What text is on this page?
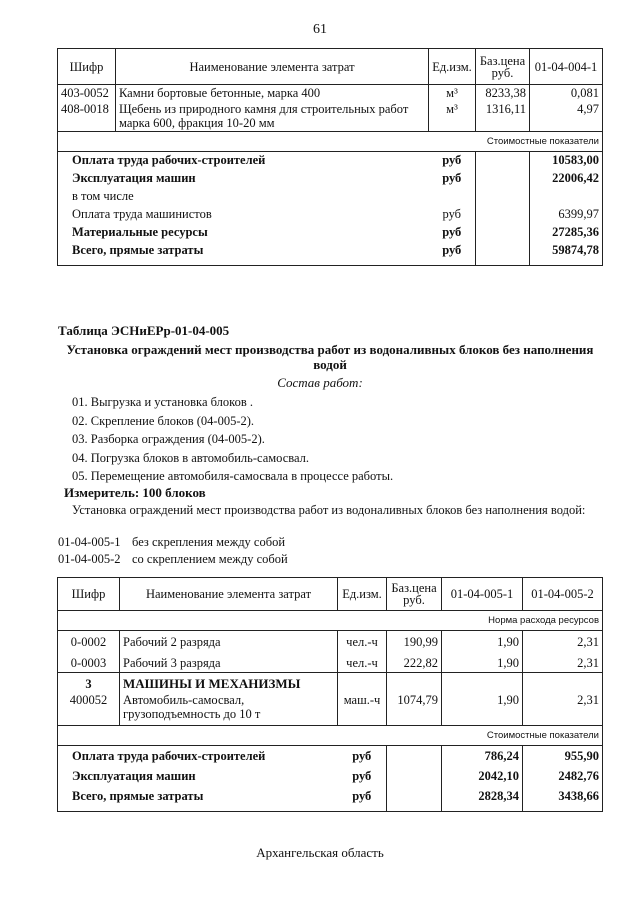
61
Шифр	Наименование элемента затрат	Ед.изм.	Баз.цена руб.	01-04-004-1
403-0052	Камни бортовые бетонные, марка 400	м³	8233,38	0,081
408-0018	Щебень из природного камня для строительных работ марка 600, фракция 10-20 мм	м³	1316,11	4,97
Стоимостные показатели				
Оплата труда рабочих-строителей		руб		10583,00
Эксплуатация машин		руб		22006,42
в том числе				
Оплата труда машинистов		руб		6399,97
Материальные ресурсы		руб		27285,36
Всего, прямые затраты		руб		59874,78
Таблица ЭСНиЕРр-01-04-005
Установка ограждений мест производства работ из водоналивных блоков без наполнения водой
Состав работ:
01. Выгрузка и установка блоков .
02. Скрепление блоков (04-005-2).
03. Разборка ограждения (04-005-2).
04. Погрузка блоков в автомобиль-самосвал.
05. Перемещение автомобиля-самосвала в процессе работы.
Измеритель: 100 блоков
Установка ограждений мест производства работ из водоналивных блоков без наполнения водой:
01-04-005-1 без скрепления между собой
01-04-005-2 со скреплением между собой
Шифр	Наименование элемента затрат	Ед.изм.	Баз.цена руб.	01-04-005-1	01-04-005-2
Норма расхода ресурсов					
0-0002	Рабочий 2 разряда	чел.-ч	190,99	1,90	2,31
0-0003	Рабочий 3 разряда	чел.-ч	222,82	1,90	2,31
3	МАШИНЫ И МЕХАНИЗМЫ				
400052	Автомобиль-самосвал, грузоподъемность до 10 т	маш.-ч	1074,79	1,90	2,31
Стоимостные показатели					
Оплата труда рабочих-строителей		руб		786,24	955,90
Эксплуатация машин		руб		2042,10	2482,76
Всего, прямые затраты		руб		2828,34	3438,66
Архангельская область
